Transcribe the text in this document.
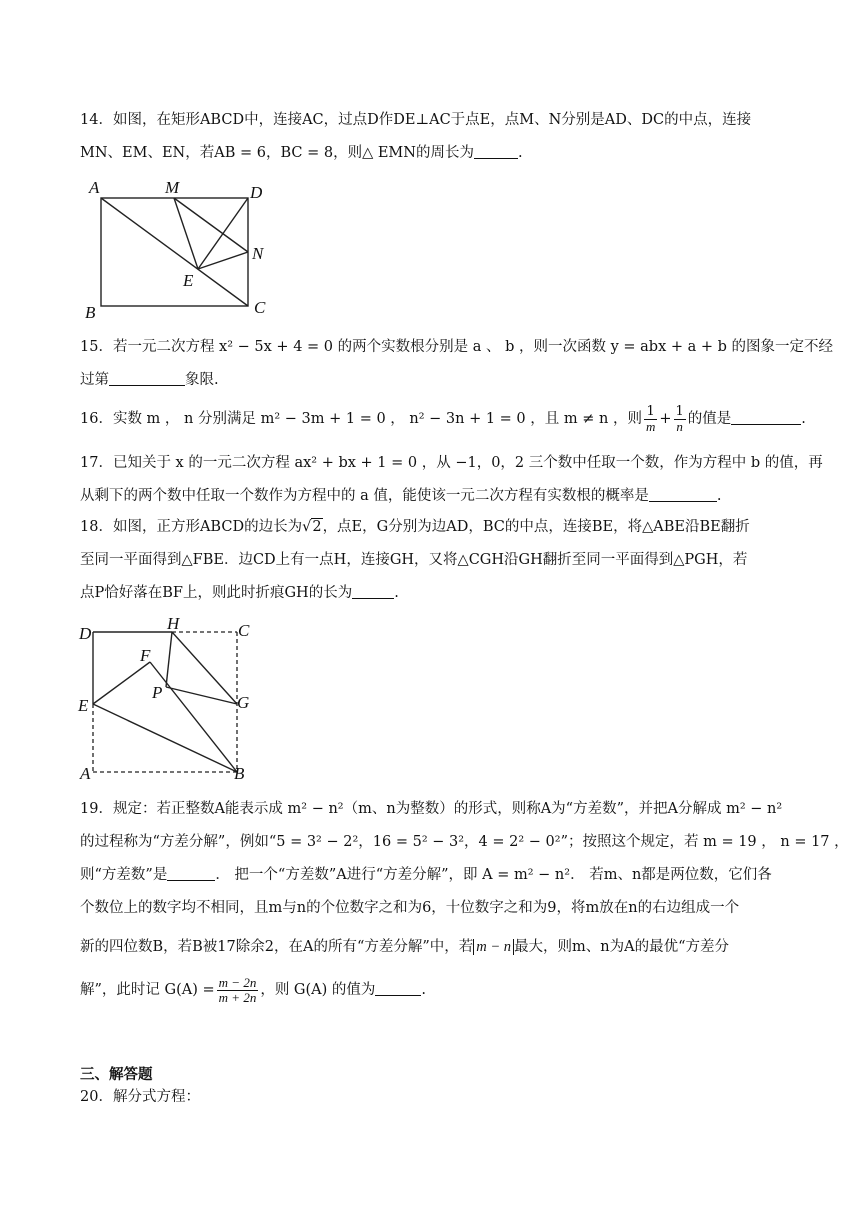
14．如图，在矩形ABCD中，连接AC，过点D作DE⊥AC于点E，点M、N分别是AD、DC的中点，连接
MN、EM、EN，若AB = 6，BC = 8，则△ EMN的周长为	.
A	M	D
N
E
B	C
15．若一元二次方程 x² − 5x + 4 = 0 的两个实数根分别是 a 、 b ，则一次函数 y = abx + a + b 的图象一定不经
过第	象限.
16．实数 m ， n 分别满足 m² − 3m + 1 = 0 ， n² − 3n + 1 = 0 ，且 m ≠ n ，则 $\frac{1}{m} + \frac{1}{n}$ 的值是	.
17．已知关于 x 的一元二次方程 ax² + bx + 1 = 0 ，从 −1，0，2 三个数中任取一个数，作为方程中 b 的值，再
从剩下的两个数中任取一个数作为方程中的 a 值，能使该一元二次方程有实数根的概率是	.
18．如图，正方形ABCD的边长为√2，点E，G分别为边AD，BC的中点，连接BE，将△ABE沿BE翻折
至同一平面得到△FBE．边CD上有一点H，连接GH，又将△CGH沿GH翻折至同一平面得到△PGH，若
点P恰好落在BF上，则此时折痕GH的长为	.
D
H	C
F
P
E	G
A	B
19．规定：若正整数A能表示成 m² − n²（m、n为整数）的形式，则称A为“方差数”，并把A分解成 m² − n²
的过程称为“方差分解”，例如“5 = 3² − 2²，16 = 5² − 3²，4 = 2² − 0²”；按照这个规定，若 m = 19 ， n = 17 ，
则“方差数”是	． 把一个“方差数”A进行“方差分解”，即 A = m² − n²． 若m、n都是两位数，它们各
个数位上的数字均不相同，且m与n的个位数字之和为6，十位数字之和为9，将m放在n的右边组成一个
新的四位数B，若B被17除余2，在A的所有“方差分解”中，若 m − n 最大，则m、n为A的最优“方差分
解”，此时记 $G(A) = \frac{m - 2n}{m + 2n}$ ，则 G(A) 的值为	.
三、解答题
20．解分式方程：
